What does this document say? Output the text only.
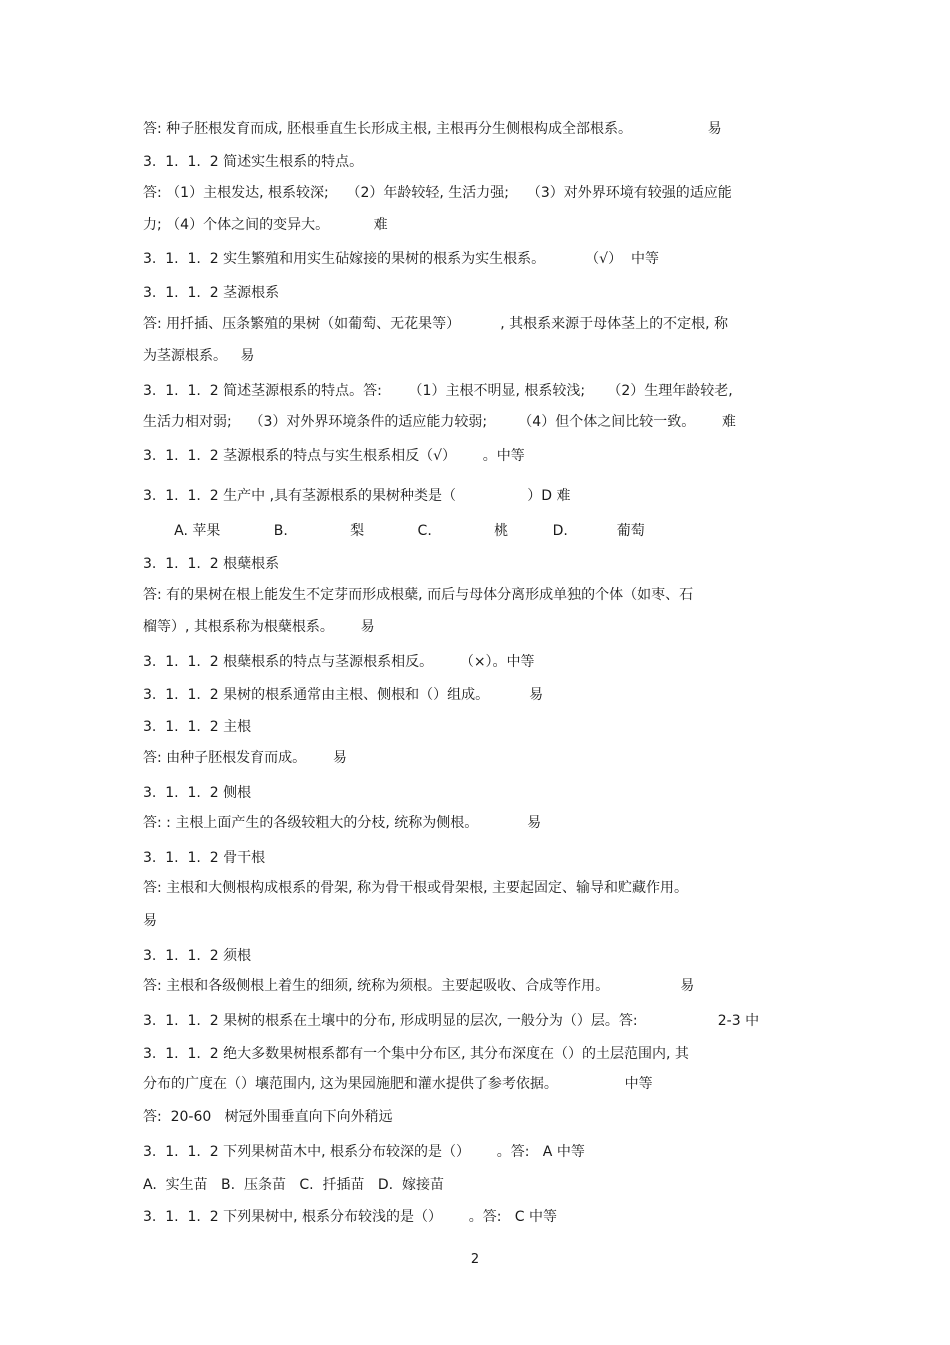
答: 种子胚根发育而成, 胚根垂直生长形成主根, 主根再分生侧根构成全部根系。                 易
3.  1.  1.  2 简述实生根系的特点。
答: （1）主根发达, 根系较深;    （2）年龄较轻, 生活力强;    （3）对外界环境有较强的适应能
力; （4）个体之间的变异大。          难
3.  1.  1.  2 实生繁殖和用实生砧嫁接的果树的根系为实生根系。         （√）  中等
3.  1.  1.  2 茎源根系
答: 用扦插、压条繁殖的果树（如葡萄、无花果等）         , 其根系来源于母体茎上的不定根, 称
为茎源根系。   易
3.  1.  1.  2 简述茎源根系的特点。答:      （1）主根不明显, 根系较浅;     （2）生理年龄较老,
生活力相对弱;    （3）对外界环境条件的适应能力较弱;       （4）但个体之间比较一致。      难
3.  1.  1.  2 茎源根系的特点与实生根系相反（√）      。中等
3.  1.  1.  2 生产中 ,具有茎源根系的果树种类是（                ）D 难
A. 苹果            B.              梨            C.              桃          D.           葡萄
3.  1.  1.  2 根蘖根系
答: 有的果树在根上能发生不定芽而形成根蘖, 而后与母体分离形成单独的个体（如枣、石
榴等）, 其根系称为根蘖根系。      易
3.  1.  1.  2 根蘖根系的特点与茎源根系相反。      （×）。中等
3.  1.  1.  2 果树的根系通常由主根、侧根和（）组成。         易
3.  1.  1.  2 主根
答: 由种子胚根发育而成。      易
3.  1.  1.  2 侧根
答: : 主根上面产生的各级较粗大的分枝, 统称为侧根。           易
3.  1.  1.  2 骨干根
答: 主根和大侧根构成根系的骨架, 称为骨干根或骨架根, 主要起固定、输导和贮藏作用。
易
3.  1.  1.  2 须根
答: 主根和各级侧根上着生的细须, 统称为须根。主要起吸收、合成等作用。                易
3.  1.  1.  2 果树的根系在土壤中的分布, 形成明显的层次, 一般分为（）层。答:                  2-3 中
3.  1.  1.  2 绝大多数果树根系都有一个集中分布区, 其分布深度在（）的土层范围内, 其
分布的广度在（）壤范围内, 这为果园施肥和灌水提供了参考依据。               中等
答:  20-60   树冠外围垂直向下向外稍远
3.  1.  1.  2 下列果树苗木中, 根系分布较深的是（）      。答:   A 中等
A.  实生苗   B.  压条苗   C.  扦插苗   D.  嫁接苗
3.  1.  1.  2 下列果树中, 根系分布较浅的是（）      。答:   C 中等
2
